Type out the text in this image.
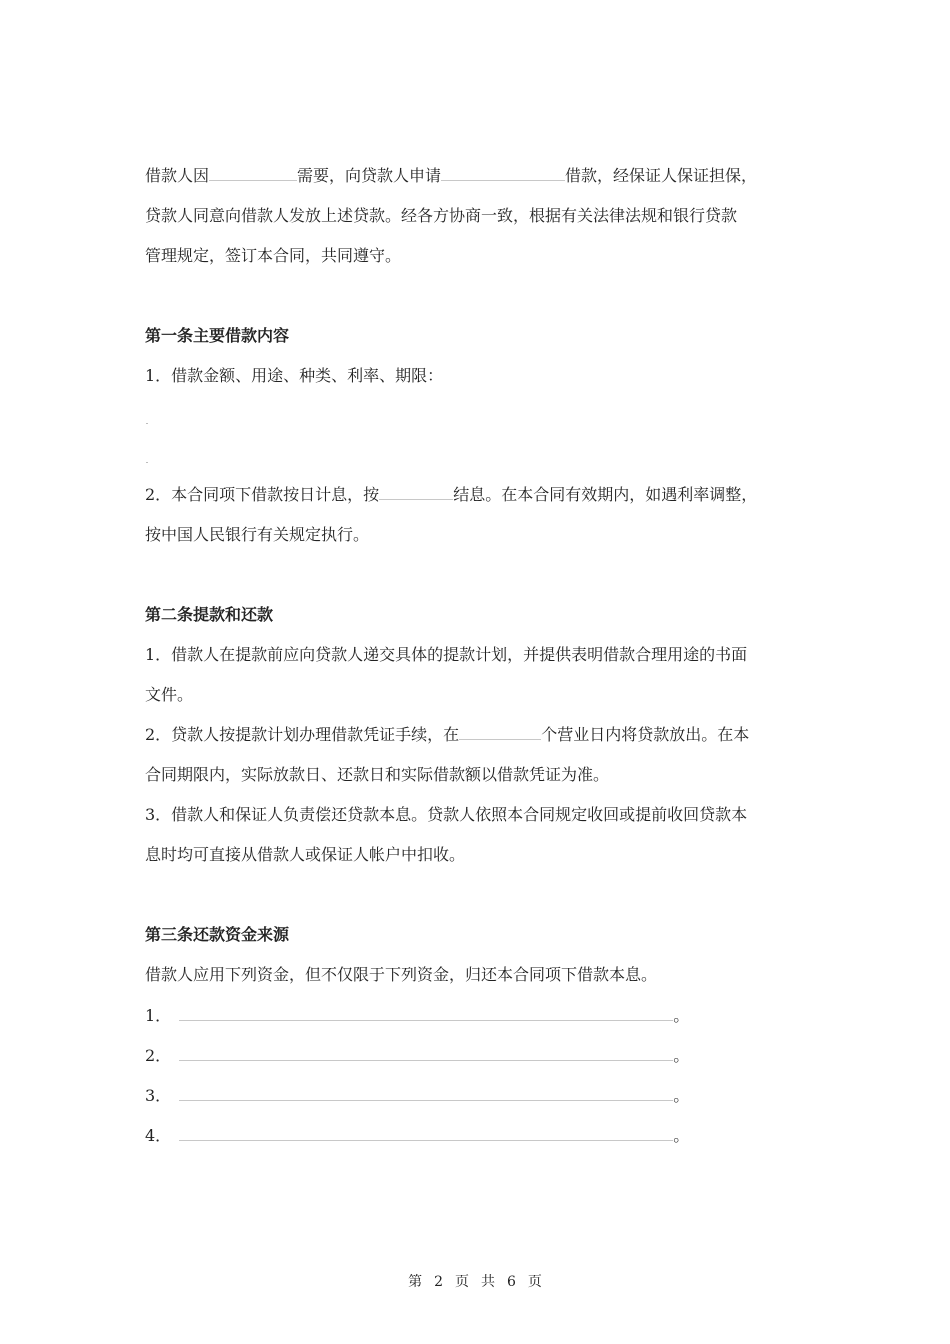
借款人因	需要，向贷款人申请	借款，经保证人保证担保，
贷款人同意向借款人发放上述贷款。经各方协商一致，根据有关法律法规和银行贷款
管理规定，签订本合同，共同遵守。
第一条主要借款内容
1．借款金额、用途、种类、利率、期限：
2．本合同项下借款按日计息，按	结息。在本合同有效期内，如遇利率调整，
按中国人民银行有关规定执行。
第二条提款和还款
1．借款人在提款前应向贷款人递交具体的提款计划，并提供表明借款合理用途的书面
文件。
2．贷款人按提款计划办理借款凭证手续，在	个营业日内将贷款放出。在本
合同期限内，实际放款日、还款日和实际借款额以借款凭证为准。
3．借款人和保证人负责偿还贷款本息。贷款人依照本合同规定收回或提前收回贷款本
息时均可直接从借款人或保证人帐户中扣收。
第三条还款资金来源
借款人应用下列资金，但不仅限于下列资金，归还本合同项下借款本息。
1．	。
2．	。
3．	。
4．	。
第 2 页 共 6 页
